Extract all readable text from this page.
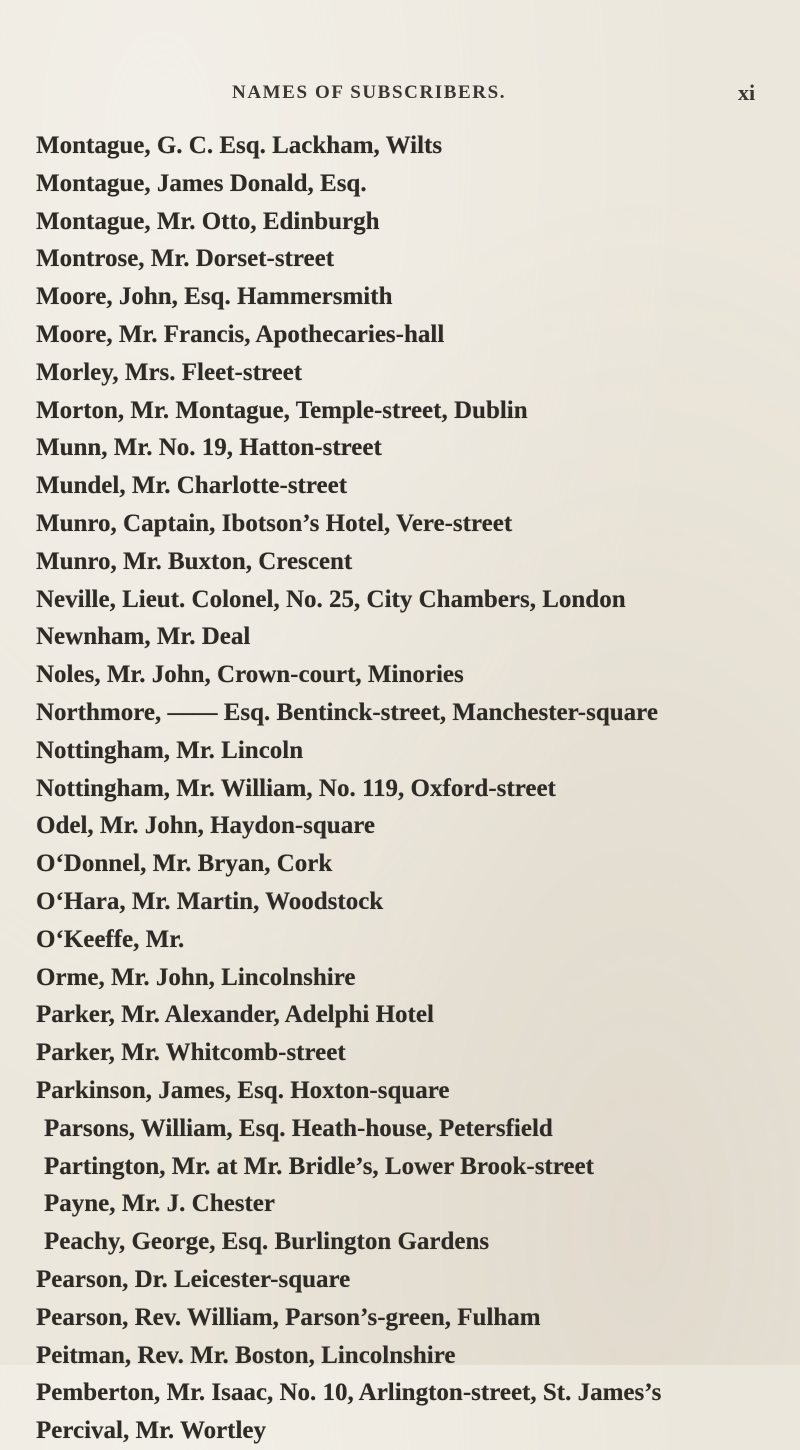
NAMES OF SUBSCRIBERS.	xi
Montague, G. C. Esq. Lackham, Wilts
Montague, James Donald, Esq.
Montague, Mr. Otto, Edinburgh
Montrose, Mr. Dorset-street
Moore, John, Esq. Hammersmith
Moore, Mr. Francis, Apothecaries-hall
Morley, Mrs. Fleet-street
Morton, Mr. Montague, Temple-street, Dublin
Munn, Mr. No. 19, Hatton-street
Mundel, Mr. Charlotte-street
Munro, Captain, Ibotson’s Hotel, Vere-street
Munro, Mr. Buxton, Crescent
Neville, Lieut. Colonel, No. 25, City Chambers, London
Newnham, Mr. Deal
Noles, Mr. John, Crown-court, Minories
Northmore, —— Esq. Bentinck-street, Manchester-square
Nottingham, Mr. Lincoln
Nottingham, Mr. William, No. 119, Oxford-street
Odel, Mr. John, Haydon-square
O‘Donnel, Mr. Bryan, Cork
O‘Hara, Mr. Martin, Woodstock
O‘Keeffe, Mr.
Orme, Mr. John, Lincolnshire
Parker, Mr. Alexander, Adelphi Hotel
Parker, Mr. Whitcomb-street
Parkinson, James, Esq. Hoxton-square
Parsons, William, Esq. Heath-house, Petersfield
Partington, Mr. at Mr. Bridle’s, Lower Brook-street
Payne, Mr. J. Chester
Peachy, George, Esq. Burlington Gardens
Pearson, Dr. Leicester-square
Pearson, Rev. William, Parson’s-green, Fulham
Peitman, Rev. Mr. Boston, Lincolnshire
Pemberton, Mr. Isaac, No. 10, Arlington-street, St. James’s
Percival, Mr. Wortley
